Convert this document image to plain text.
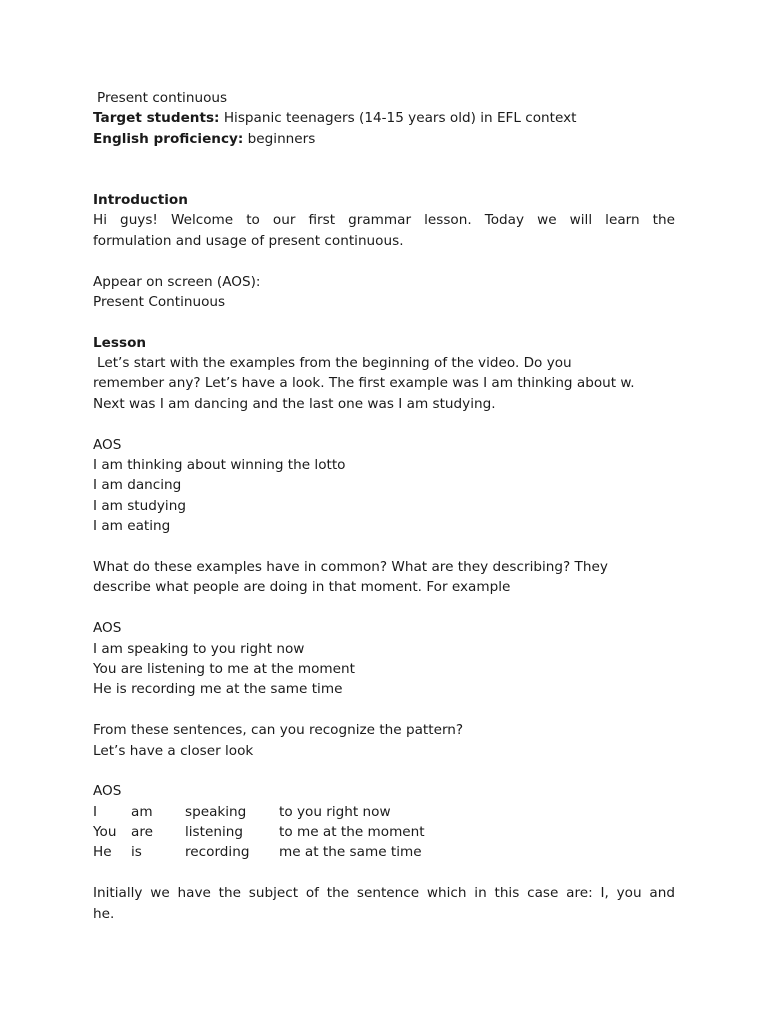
Present continuous
Target students: Hispanic teenagers (14-15 years old) in EFL context
English proficiency: beginners
Introduction
Hi guys! Welcome to our first grammar lesson. Today we will learn the
formulation and usage of present continuous.
Appear on screen (AOS):
Present Continuous
Lesson
Let’s start with the examples from the beginning of the video. Do you
remember any? Let’s have a look. The first example was I am thinking about w.
Next was I am dancing and the last one was I am studying.
AOS
I am thinking about winning the lotto
I am dancing
I am studying
I am eating
What do these examples have in common? What are they describing? They
describe what people are doing in that moment. For example
AOS
I am speaking to you right now
You are listening to me at the moment
He is recording me at the same time
From these sentences, can you recognize the pattern?
Let’s have a closer look
AOS
I	am	speaking	to you right now
You	are	listening	to me at the moment
He	is	recording	me at the same time
Initially we have the subject of the sentence which in this case are: I, you and
he.
